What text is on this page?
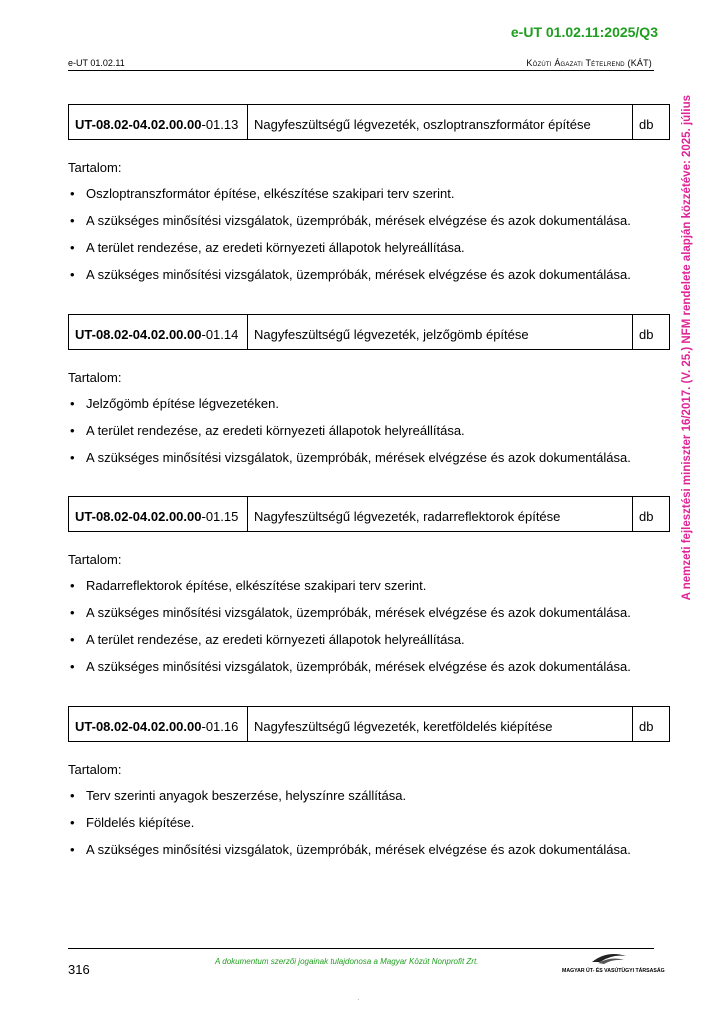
e-UT 01.02.11:2025/Q3
e-UT 01.02.11	Közúti Ágazati Tételrend (KÁT)
A nemzeti fejlesztési miniszter 16/2017. (V. 25.) NFM rendelete alapján közzétéve: 2025. július
UT-08.02-04.02.00.00-01.13	Nagyfeszültségű légvezeték, oszloptranszformátor építése	db
Tartalom:
• Oszloptranszformátor építése, elkészítése szakipari terv szerint.
• A szükséges minősítési vizsgálatok, üzempróbák, mérések elvégzése és azok dokumentálása.
• A terület rendezése, az eredeti környezeti állapotok helyreállítása.
• A szükséges minősítési vizsgálatok, üzempróbák, mérések elvégzése és azok dokumentálása.
UT-08.02-04.02.00.00-01.14	Nagyfeszültségű légvezeték, jelzőgömb építése	db
Tartalom:
• Jelzőgömb építése légvezetéken.
• A terület rendezése, az eredeti környezeti állapotok helyreállítása.
• A szükséges minősítési vizsgálatok, üzempróbák, mérések elvégzése és azok dokumentálása.
UT-08.02-04.02.00.00-01.15	Nagyfeszültségű légvezeték, radarreflektorok építése	db
Tartalom:
• Radarreflektorok építése, elkészítése szakipari terv szerint.
• A szükséges minősítési vizsgálatok, üzempróbák, mérések elvégzése és azok dokumentálása.
• A terület rendezése, az eredeti környezeti állapotok helyreállítása.
• A szükséges minősítési vizsgálatok, üzempróbák, mérések elvégzése és azok dokumentálása.
UT-08.02-04.02.00.00-01.16	Nagyfeszültségű légvezeték, keretföldelés kiépítése	db
Tartalom:
• Terv szerinti anyagok beszerzése, helyszínre szállítása.
• Földelés kiépítése.
• A szükséges minősítési vizsgálatok, üzempróbák, mérések elvégzése és azok dokumentálása.
316
A dokumentum szerzői jogainak tulajdonosa a Magyar Közút Nonprofit Zrt.
MAGYAR ÚT- ÉS VASÚTÜGYI TÁRSASÁG
·
